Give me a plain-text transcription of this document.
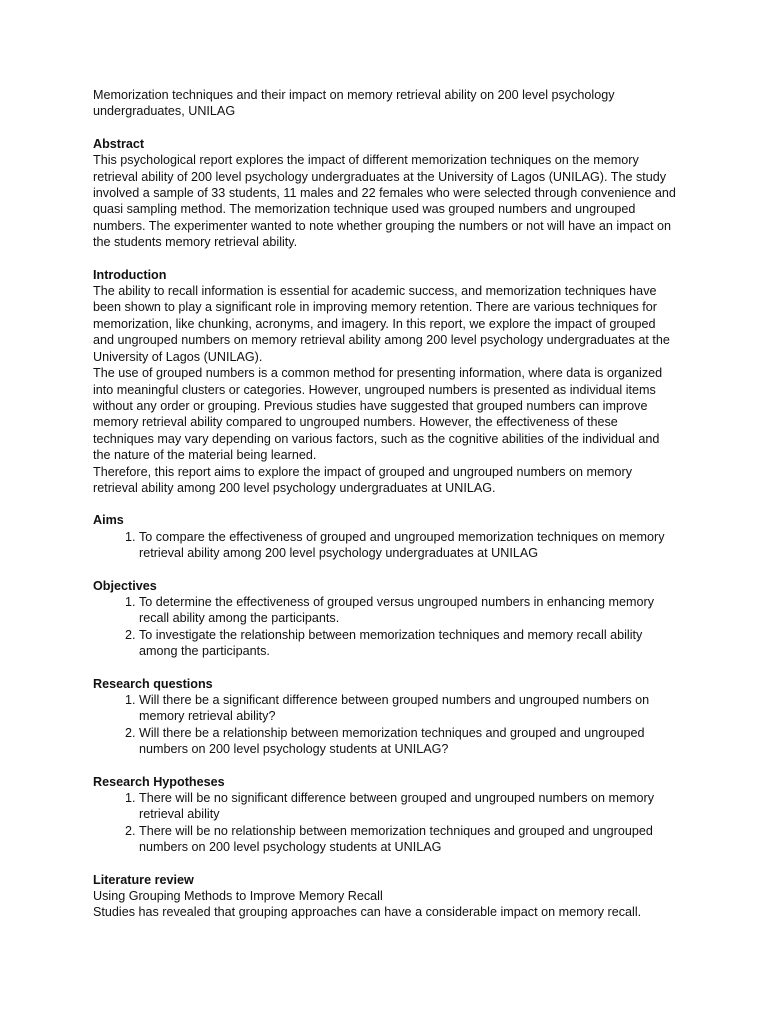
Memorization techniques and their impact on memory retrieval ability on 200 level psychology undergraduates, UNILAG

Abstract

This psychological report explores the impact of different memorization techniques on the memory retrieval ability of 200 level psychology undergraduates at the University of Lagos (UNILAG). The study involved a sample of 33 students, 11 males and 22 females who were selected through convenience and quasi sampling method. The memorization technique used was grouped numbers and ungrouped numbers. The experimenter wanted to note whether grouping the numbers or not will have an impact on the students memory retrieval ability.

Introduction

The ability to recall information is essential for academic success, and memorization techniques have been shown to play a significant role in improving memory retention. There are various techniques for memorization, like chunking, acronyms, and imagery. In this report, we explore the impact of grouped and ungrouped numbers on memory retrieval ability among 200 level psychology undergraduates at the University of Lagos (UNILAG).

The use of grouped numbers is a common method for presenting information, where data is organized into meaningful clusters or categories. However, ungrouped numbers is presented as individual items without any order or grouping. Previous studies have suggested that grouped numbers can improve memory retrieval ability compared to ungrouped numbers. However, the effectiveness of these techniques may vary depending on various factors, such as the cognitive abilities of the individual and the nature of the material being learned.

Therefore, this report aims to explore the impact of grouped and ungrouped numbers on memory retrieval ability among 200 level psychology undergraduates at UNILAG.

Aims

1. To compare the effectiveness of grouped and ungrouped memorization techniques on memory retrieval ability among 200 level psychology undergraduates at UNILAG

Objectives

1. To determine the effectiveness of grouped versus ungrouped numbers in enhancing memory recall ability among the participants.
2. To investigate the relationship between memorization techniques and memory recall ability among the participants.

Research questions

1. Will there be a significant difference between grouped numbers and ungrouped numbers on memory retrieval ability?
2. Will there be a relationship between memorization techniques and grouped and ungrouped numbers on 200 level psychology students at UNILAG?

Research Hypotheses

1. There will be no significant difference between grouped and ungrouped numbers on memory retrieval ability
2. There will be no relationship between memorization techniques and grouped and ungrouped numbers on 200 level psychology students at UNILAG

Literature review

Using Grouping Methods to Improve Memory Recall

Studies has revealed that grouping approaches can have a considerable impact on memory recall.
